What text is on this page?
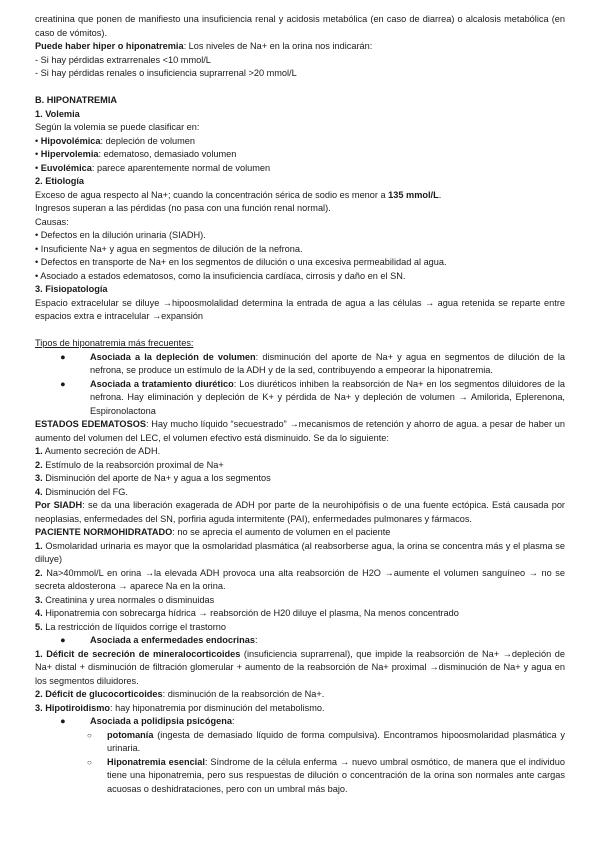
creatinina que ponen de manifiesto una insuficiencia renal y acidosis metabólica (en caso de diarrea) o alcalosis metabólica (en caso de vómitos).

Puede haber hiper o hiponatremia: Los niveles de Na+ en la orina nos indicarán:

- Si hay pérdidas extrarrenales <10 mmol/L

- Si hay pérdidas renales o insuficiencia suprarrenal >20 mmol/L

B. HIPONATREMIA

1. Volemia

Según la volemia se puede clasificar en:

• Hipovolémica: depleción de volumen

• Hipervolemia: edematoso, demasiado volumen

• Euvolémica: parece aparentemente normal de volumen

2. Etiología

Exceso de agua respecto al Na+; cuando la concentración sérica de sodio es menor a 135 mmol/L.

Ingresos superan a las pérdidas (no pasa con una función renal normal).

Causas:

• Defectos en la dilución urinaria (SIADH).

• Insuficiente Na+ y agua en segmentos de dilución de la nefrona.

• Defectos en transporte de Na+ en los segmentos de dilución o una excesiva permeabilidad al agua.

• Asociado a estados edematosos, como la insuficiencia cardíaca, cirrosis y daño en el SN.

3. Fisiopatología

Espacio extracelular se diluye →hipoosmolalidad determina la entrada de agua a las células → agua retenida se reparte entre espacios extra e intracelular →expansión

Tipos de hiponatremia más frecuentes:

●	Asociada a la depleción de volumen: disminución del aporte de Na+ y agua en segmentos de dilución de la nefrona, se produce un estímulo de la ADH y de la sed, contribuyendo a empeorar la hiponatremia.
●	Asociada a tratamiento diurético: Los diuréticos inhiben la reabsorción de Na+ en los segmentos diluidores de la nefrona. Hay eliminación y depleción de K+ y pérdida de Na+ y depleción de volumen → Amilorida, Eplerenona, Espironolactona

ESTADOS EDEMATOSOS: Hay mucho líquido “secuestrado” →mecanismos de retención y ahorro de agua. a pesar de haber un aumento del volumen del LEC, el volumen efectivo está disminuido. Se da lo siguiente:

1. Aumento secreción de ADH.

2. Estímulo de la reabsorción proximal de Na+

3. Disminución del aporte de Na+ y agua a los segmentos

4. Disminución del FG.

Por SIADH: se da una liberación exagerada de ADH por parte de la neurohipófisis o de una fuente ectópica. Está causada por neoplasias, enfermedades del SN, porfiria aguda intermitente (PAI), enfermedades pulmonares y fármacos.

PACIENTE NORMOHIDRATADO: no se aprecia el aumento de volumen en el paciente

1. Osmolaridad urinaria es mayor que la osmolaridad plasmática (al reabsorberse agua, la orina se concentra más y el plasma se diluye)

2. Na>40mmol/L en orina →la elevada ADH provoca una alta reabsorción de H2O →aumente el volumen sanguíneo → no se secreta aldosterona → aparece Na en la orina.

3. Creatinina y urea normales o disminuidas

4. Hiponatremia con sobrecarga hídrica → reabsorción de H20 diluye el plasma, Na menos concentrado

5. La restricción de líquidos corrige el trastorno

●	Asociada a enfermedades endocrinas:

1. Déficit de secreción de mineralocorticoides (insuficiencia suprarrenal), que impide la reabsorción de Na+ →depleción de Na+ distal + disminución de filtración glomerular + aumento de la reabsorción de Na+ proximal →disminución de Na+ y agua en los segmentos diluidores.

2. Déficit de glucocorticoides: disminución de la reabsorción de Na+.

3. Hipotiroidismo: hay hiponatremia por disminución del metabolismo.

●	Asociada a polidipsia psicógena:
○ potomanía (ingesta de demasiado líquido de forma compulsiva). Encontramos hipoosmolaridad plasmática y urinaria.
○ Hiponatremia esencial: Síndrome de la célula enferma → nuevo umbral osmótico, de manera que el individuo tiene una hiponatremia, pero sus respuestas de dilución o concentración de la orina son normales ante cargas acuosas o deshidrataciones, pero con un umbral más bajo.
